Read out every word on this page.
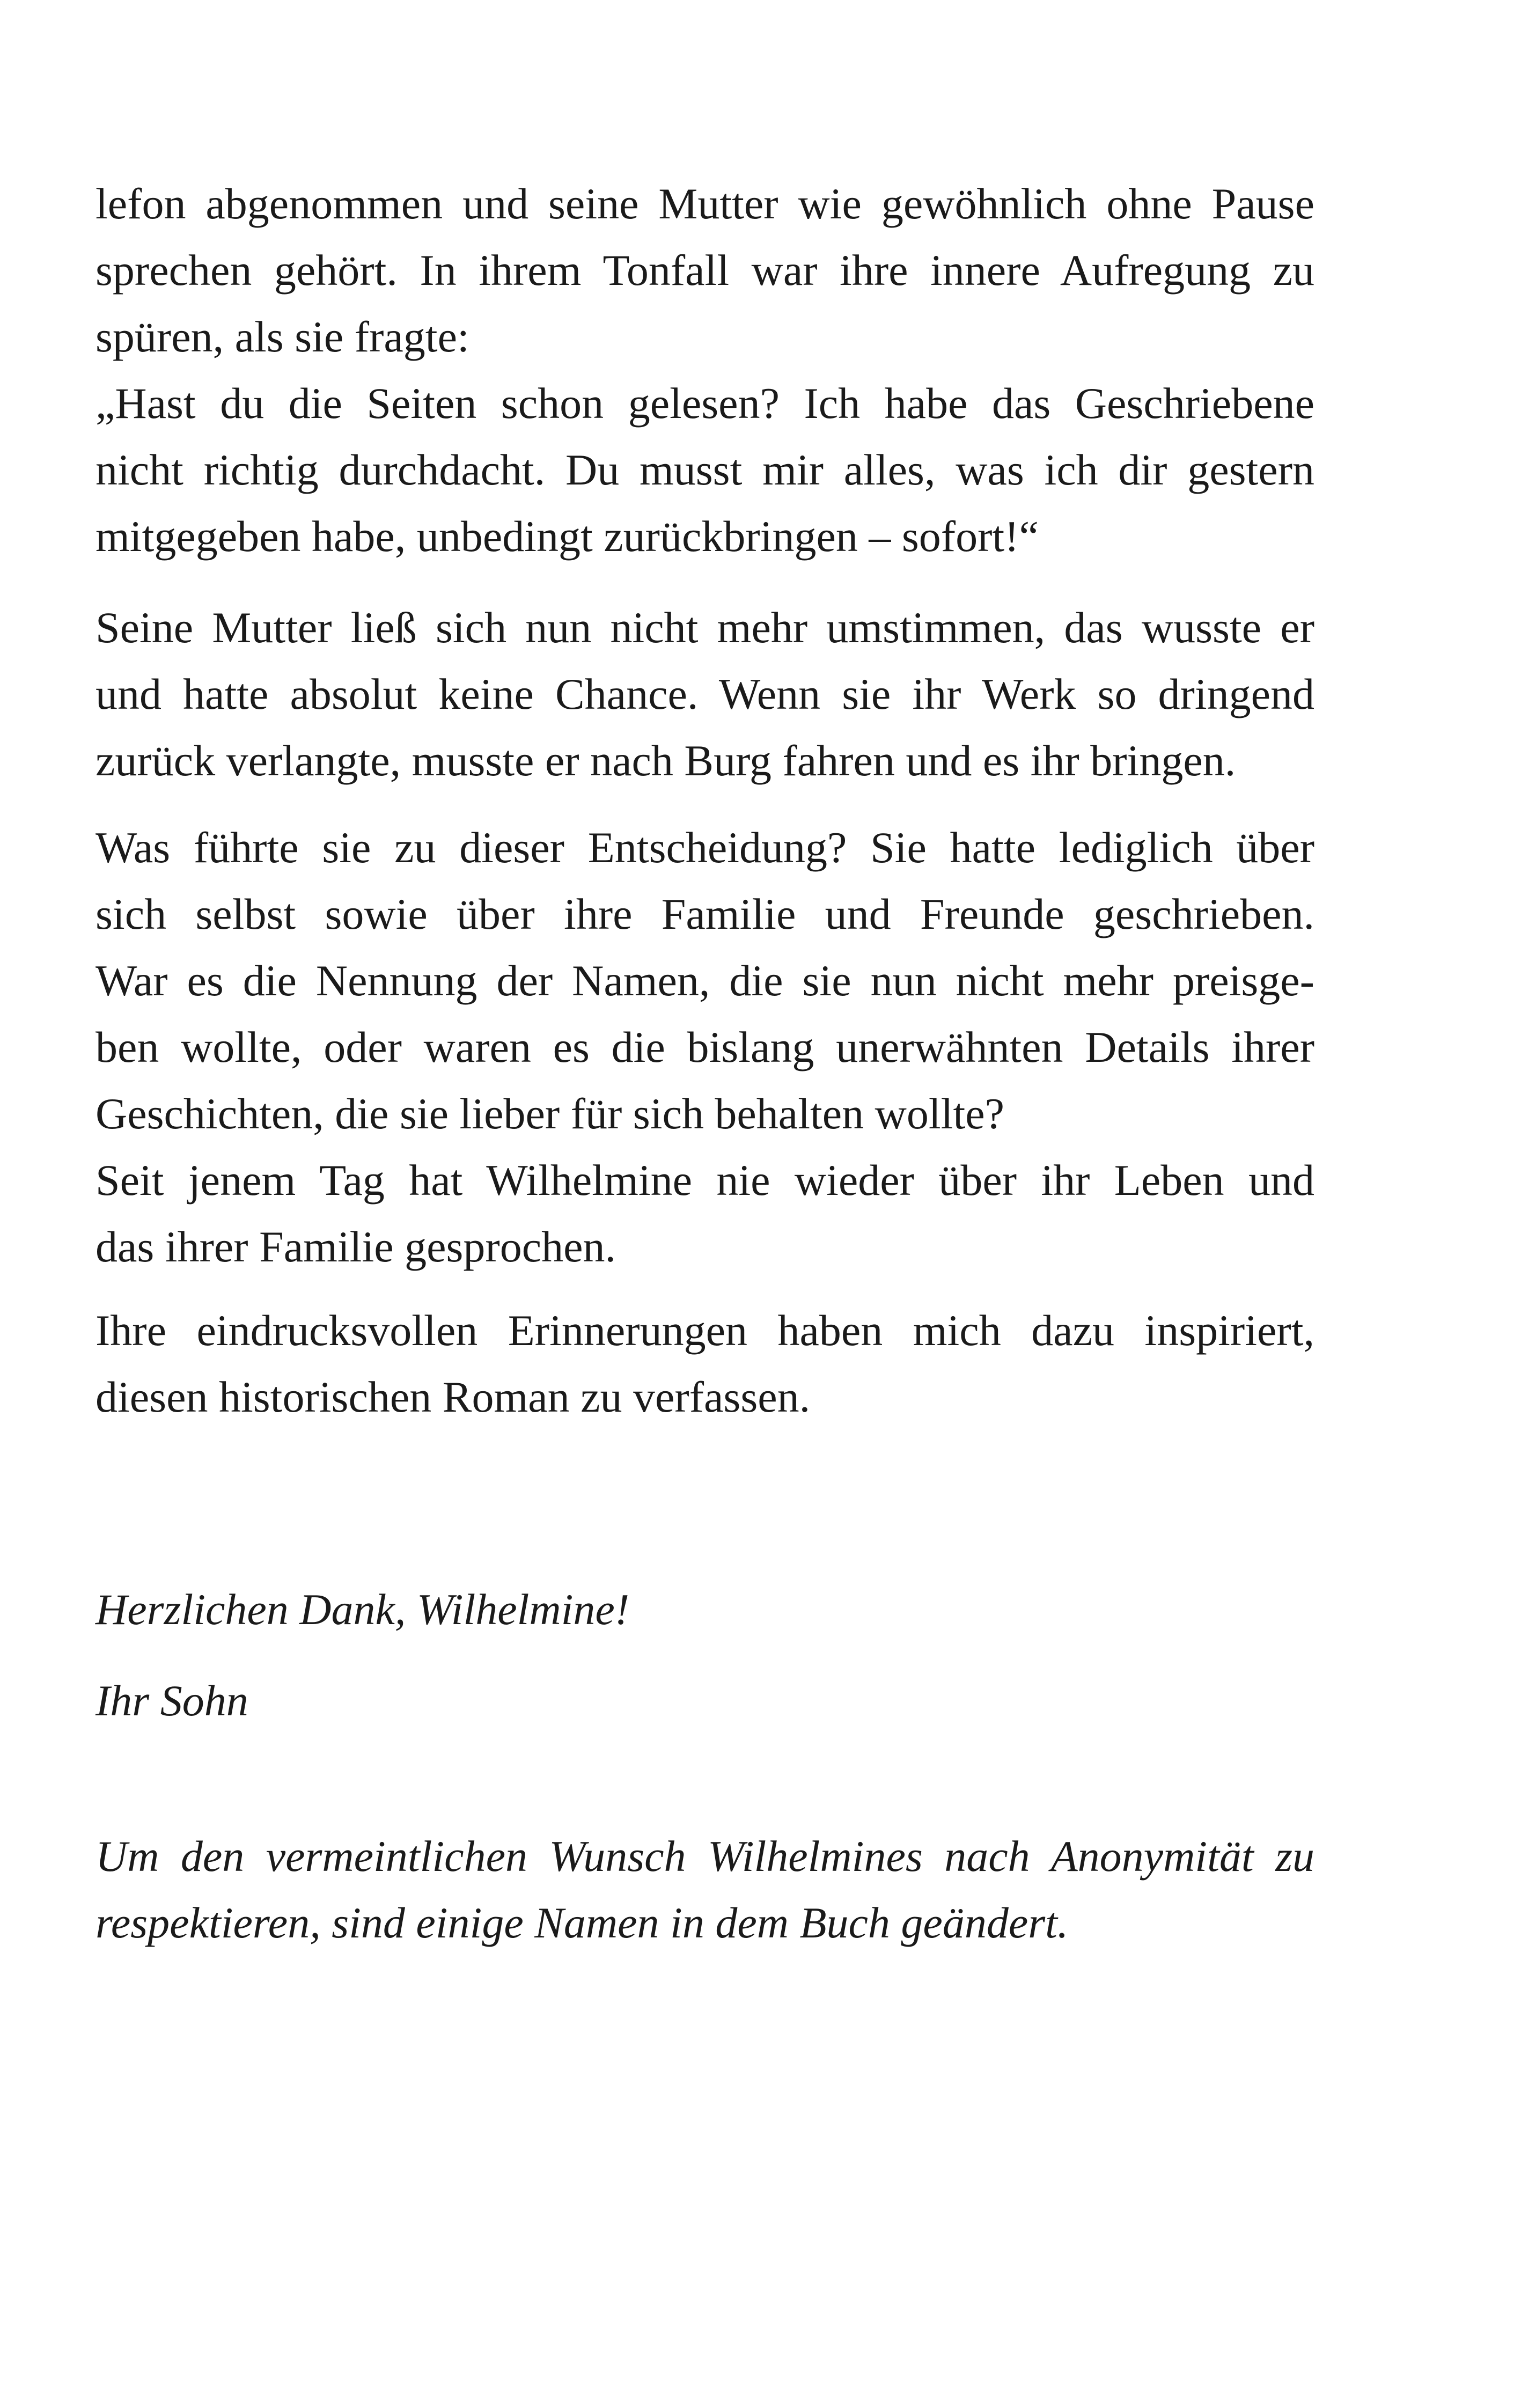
lefon abgenommen und seine Mutter wie gewöhnlich ohne Pause
sprechen gehört. In ihrem Tonfall war ihre innere Aufregung zu
spüren, als sie fragte:
„Hast du die Seiten schon gelesen? Ich habe das Geschriebene
nicht richtig durchdacht. Du musst mir alles, was ich dir gestern
mitgegeben habe, unbedingt zurückbringen – sofort!“

Seine Mutter ließ sich nun nicht mehr umstimmen, das wusste er
und hatte absolut keine Chance. Wenn sie ihr Werk so dringend
zurück verlangte, musste er nach Burg fahren und es ihr bringen.

Was führte sie zu dieser Entscheidung? Sie hatte lediglich über
sich selbst sowie über ihre Familie und Freunde geschrieben.
War es die Nennung der Namen, die sie nun nicht mehr preisge-
ben wollte, oder waren es die bislang unerwähnten Details ihrer
Geschichten, die sie lieber für sich behalten wollte?
Seit jenem Tag hat Wilhelmine nie wieder über ihr Leben und
das ihrer Familie gesprochen.

Ihre eindrucksvollen Erinnerungen haben mich dazu inspiriert,
diesen historischen Roman zu verfassen.

Herzlichen Dank, Wilhelmine!

Ihr Sohn

Um den vermeintlichen Wunsch Wilhelmines nach Anonymität zu
respektieren, sind einige Namen in dem Buch geändert.
